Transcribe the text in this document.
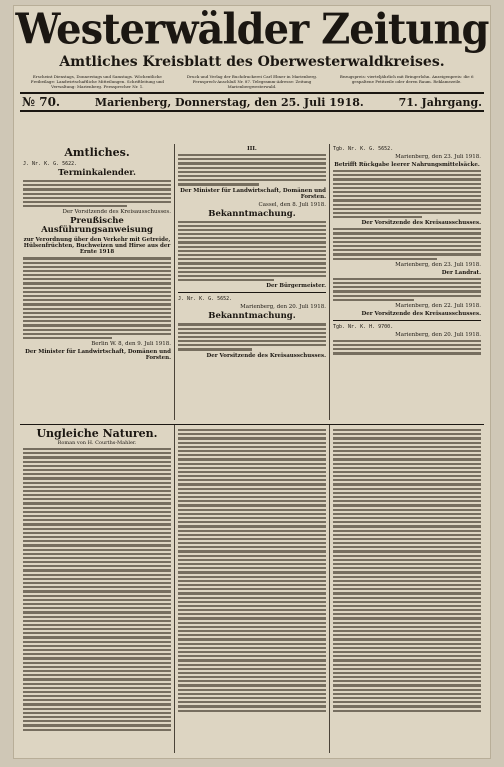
Westerwälder Zeitung
Amtliches Kreisblatt des Oberwesterwaldkreises.
Erscheint Dienstags, Donnerstags und Samstags. Wöchentliche Freibeilage: Landwirtschaftliche Mitteilungen. Schriftleitung und Verwaltung: Marienberg. Fernsprecher Nr. 1.
Druck und Verlag der Buchdruckerei Carl Ebner in Marienberg. Fernsprech-Anschluß Nr. 87. Telegramm-Adresse: Zeitung Marienbergwesterwald.
Bezugspreis: vierteljährlich mit Bringerlohn. Anzeigenpreis: die 6 gespaltene Petitzeile oder deren Raum. Reklamezeile.
№ 70.	Marienberg, Donnerstag, den 25. Juli 1918.	71. Jahrgang.
Amtliches.
J. Nr. K. G. 5622.
Terminkalender.
Der Vorsitzende des Kreisausschusses.
Preußische Ausführungsanweisung
zur Verordnung über den Verkehr mit Getreide, Hülsenfrüchten, Buchweizen und Hirse aus der Ernte 1918
Berlin W. 8, den 9. Juli 1918.
Der Minister für Landwirtschaft, Domänen und Forsten.
III.
Der Minister für Landwirtschaft, Domänen und Forsten.
Cassel, den 8. Juli 1918.
Bekanntmachung.
Der Bürgermeister.
J. Nr. K. G. 5652.
Marienberg, den 20. Juli 1918.
Bekanntmachung.
Der Vorsitzende des Kreisausschusses.
Tgb. Nr. K. G. 5652.
Marienberg, den 23. Juli 1918.
Betrifft Rückgabe leerer Nahrungsmittelsäcke.
Der Vorsitzende des Kreisausschusses.
Marienberg, den 23. Juli 1918.
Der Landrat.
Marienberg, den 22. Juli 1918.
Der Vorsitzende des Kreisausschusses.
Tgb. Nr. K. H. 9700.
Marienberg, den 20. Juli 1918.
Ungleiche Naturen.
Roman von H. Courths-Mahler.
